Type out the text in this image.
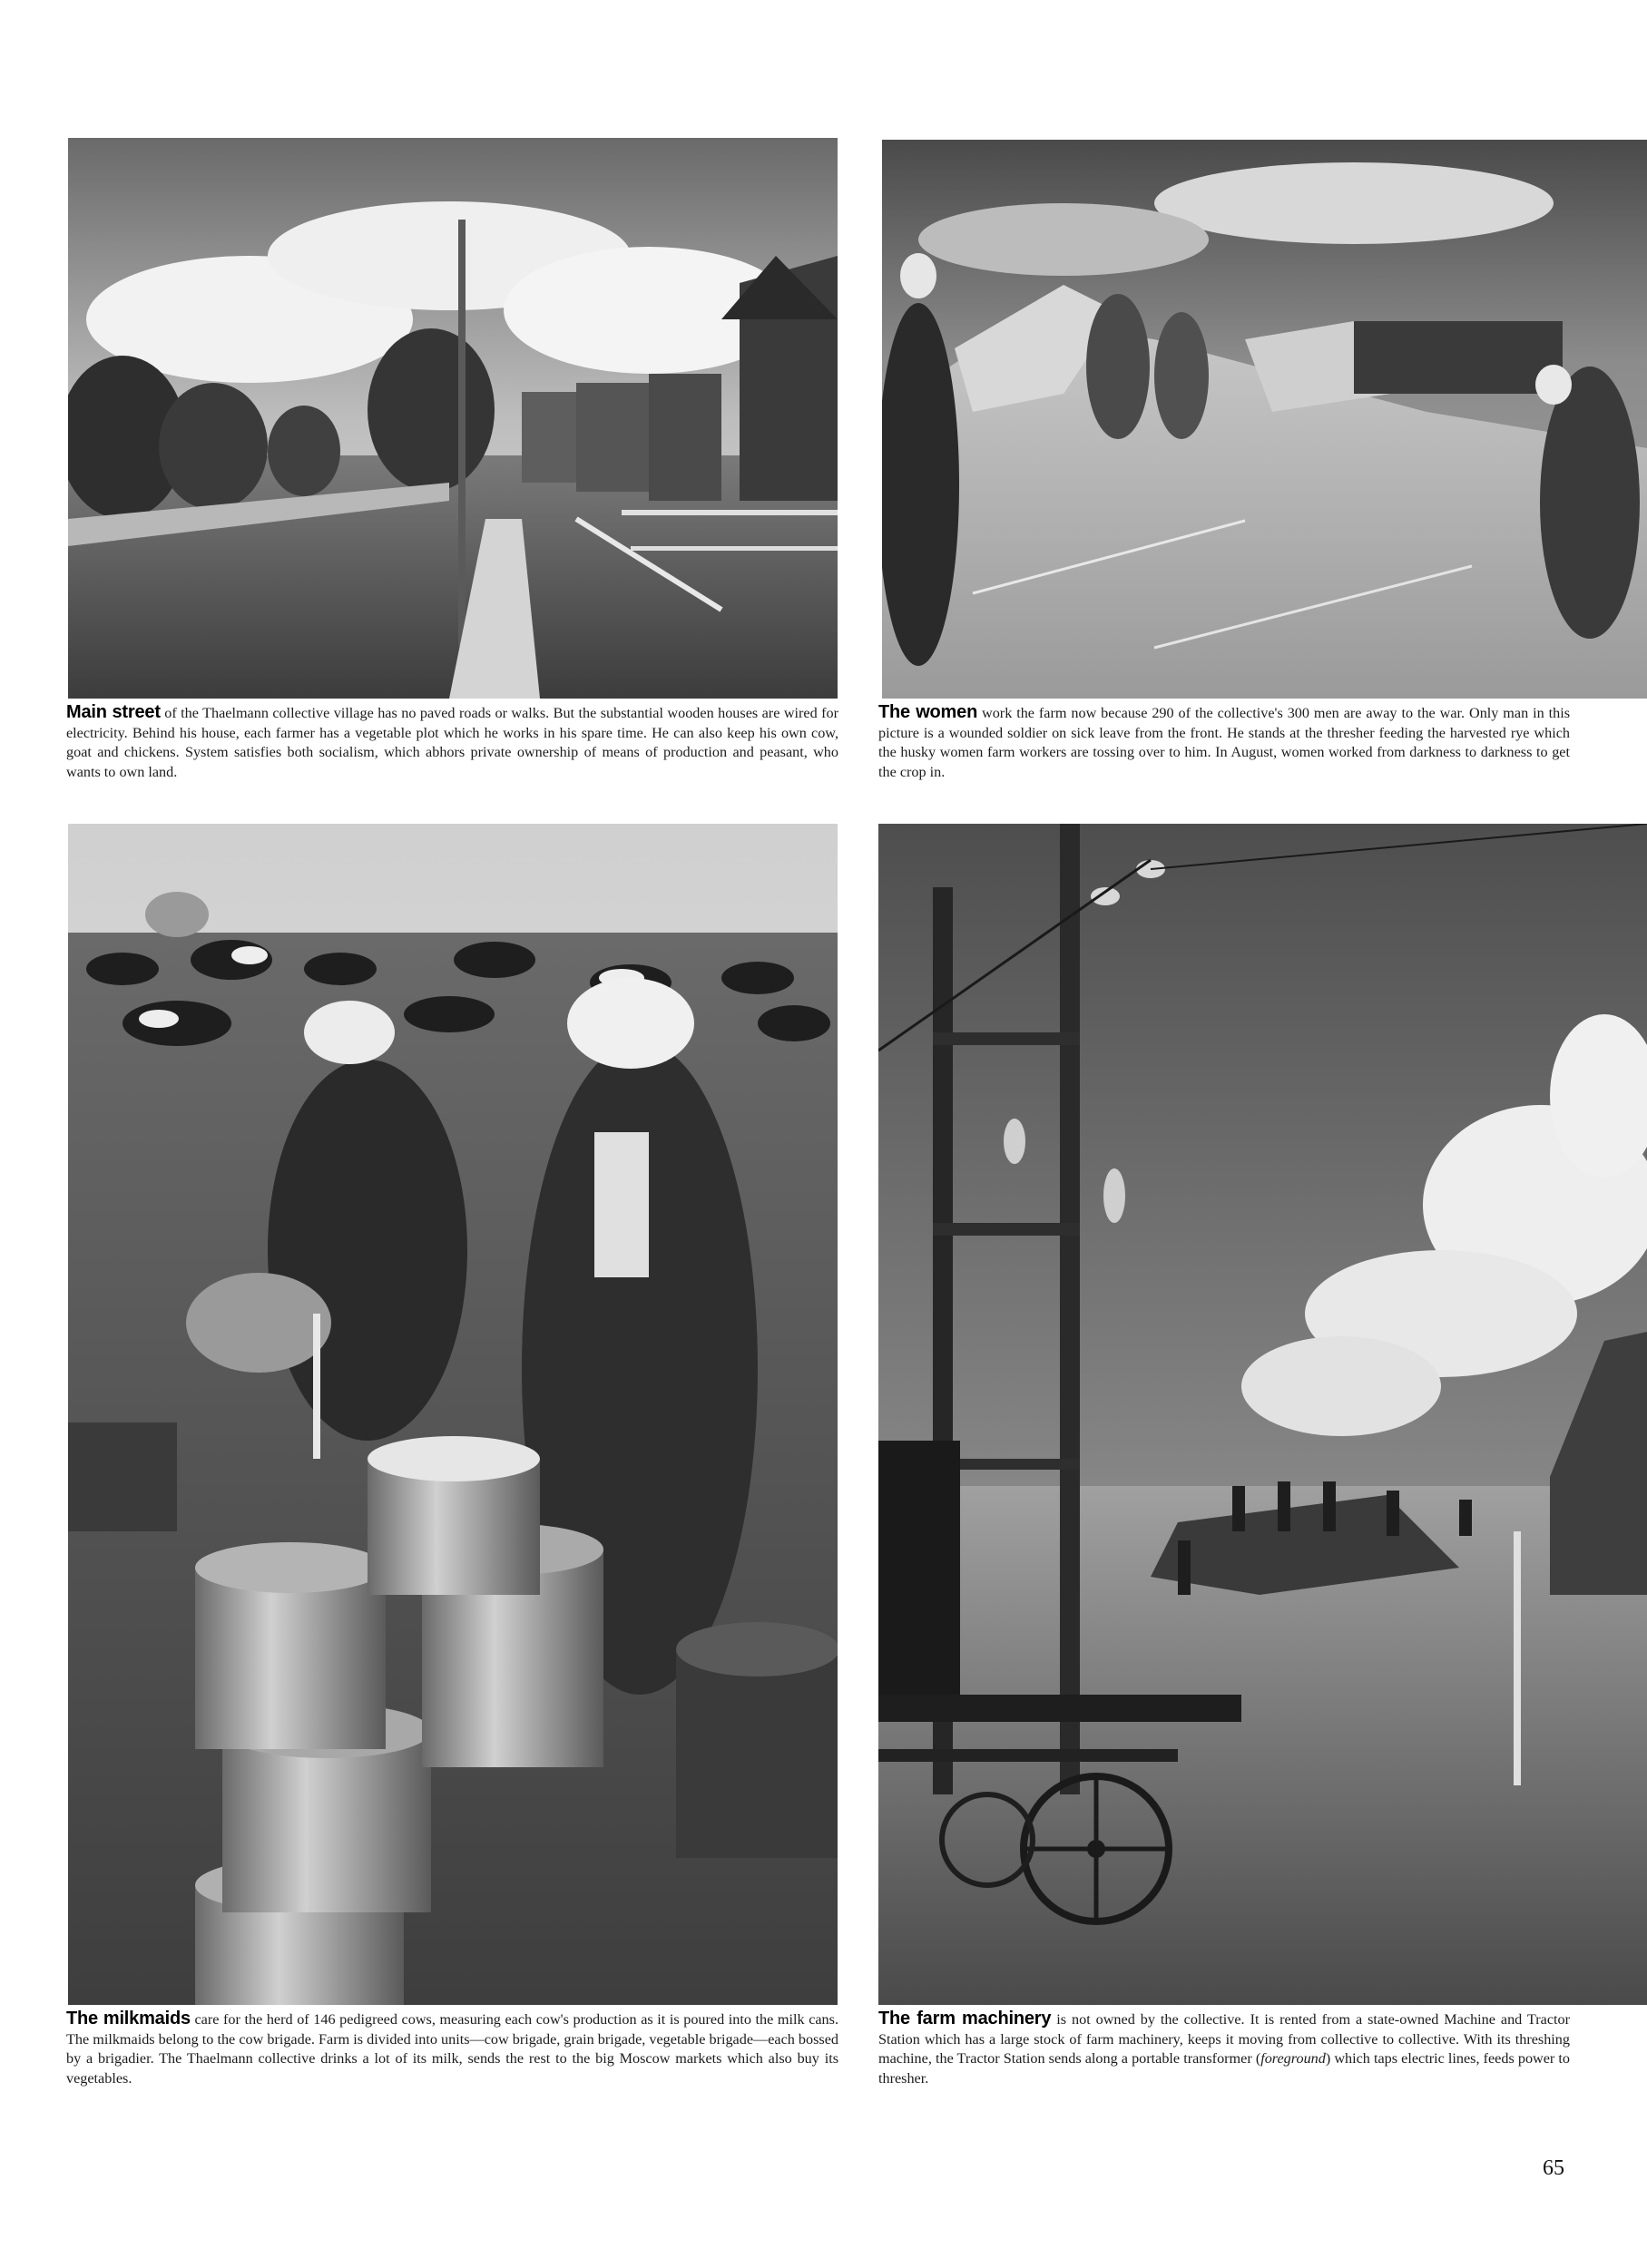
Main street of the Thaelmann collective village has no paved roads or walks. But the substantial wooden houses are wired for electricity. Behind his house, each farmer has a vegetable plot which he works in his spare time. He can also keep his own cow, goat and chickens. System satisfies both socialism, which abhors private ownership of means of production and peasant, who wants to own land.
The women work the farm now because 290 of the collective's 300 men are away to the war. Only man in this picture is a wounded soldier on sick leave from the front. He stands at the thresher feeding the harvested rye which the husky women farm workers are tossing over to him. In August, women worked from darkness to darkness to get the crop in.
The milkmaids care for the herd of 146 pedigreed cows, measuring each cow's production as it is poured into the milk cans. The milkmaids belong to the cow brigade. Farm is divided into units—cow brigade, grain brigade, vegetable brigade—each bossed by a brigadier. The Thaelmann collective drinks a lot of its milk, sends the rest to the big Moscow markets which also buy its vegetables.
The farm machinery is not owned by the collective. It is rented from a state-owned Machine and Tractor Station which has a large stock of farm machinery, keeps it moving from collective to collective. With its threshing machine, the Tractor Station sends along a portable transformer (foreground) which taps electric lines, feeds power to thresher.
65
